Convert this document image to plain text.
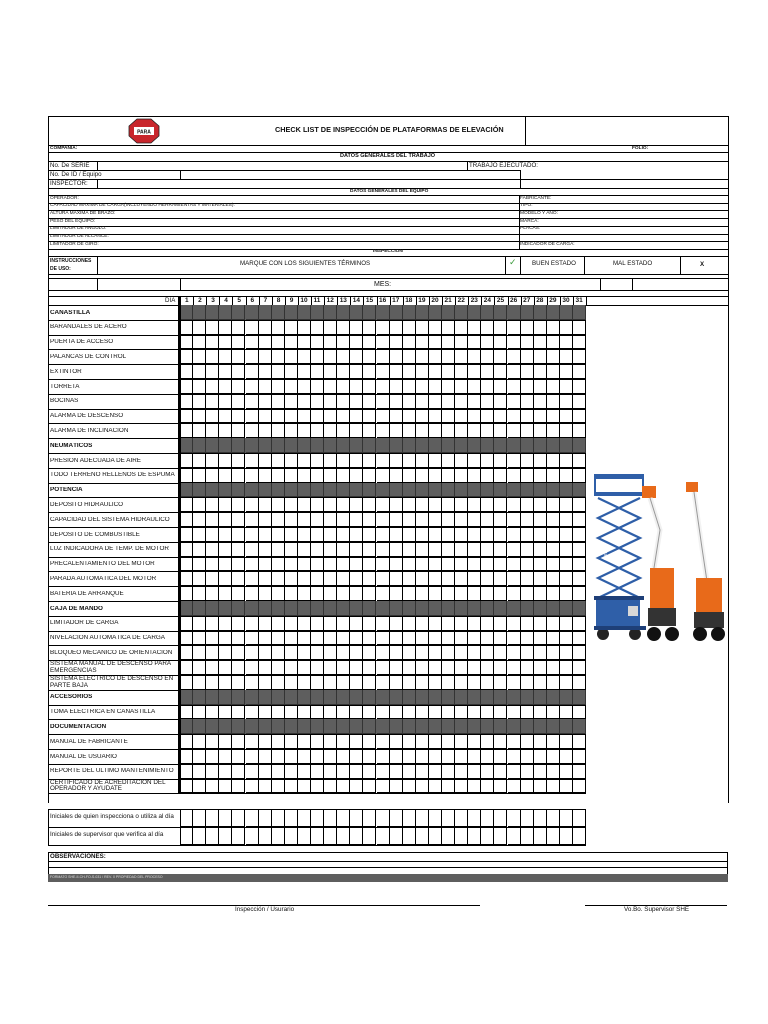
PARA	CHECK LIST DE INSPECCIÓN DE PLATAFORMAS DE ELEVACIÓN
COMPANIA:	FOLIO:
DATOS GENERALES DEL TRABAJO
No. De SERIE	TRABAJO EJECUTADO:
No. De ID / Equipo
INSPECTOR:
DATOS GENERALES DEL EQUIPO
OPERADOR:	FABRICANTE:
CAPACIDAD MAXIMA DE CARGA(INCLUYENDO HERRAMIENTAS Y MATERIALES):	TIPO:
ALTURA MAXIMA DE BRAZO:	MODELO Y AÑO:
PESO DEL EQUIPO:	MARCA:
LIMITADOR DE ANGULO:	PLACAS:
LIMITADOR DE ALCANCE:
LIMITADOR DE GIRO:	INDICADOR DE CARGA:
INSPECCION
INSTRUCCIONES DE USO:
MARQUE CON LOS SIGUIENTES TÉRMINOS	✓ BUEN ESTADO	MAL ESTADO	X
MES:
DIA 1 2 3 4 5 6 7 8 9 10 11 12 13 14 15 16 17 18 19 20 21 22 23 24 25 26 27 28 29 30 31
CANASTILLA
BARANDALES DE ACERO
PUERTA DE ACCESO
PALANCAS DE CONTROL
EXTINTOR
TORRETA
BOCINAS
ALARMA DE DESCENSO
ALARMA DE INCLINACIÓN
NEUMÁTICOS
PRESIÓN ADECUADA DE AIRE
TODO TERRENO RELLENOS DE ESPUMA
POTENCIA
DEPÓSITO HIDRÁULICO
CAPACIDAD DEL SISTEMA HIDRÁULICO
DEPÓSITO DE COMBUSTIBLE
LUZ INDICADORA DE TEMP. DE MOTOR
PRECALENTAMIENTO DEL MOTOR
PARADA AUTOMÁTICA DEL MOTOR
BATERÍA DE ARRANQUE
CAJA DE MANDO
LIMITADOR DE CARGA
NIVELACIÓN AUTOMÁTICA DE CARGA
BLOQUEO MECÁNICO DE ORIENTACIÓN
SISTEMA MANUAL DE DESCENSO PARA EMERGENCIAS
SISTEMA ELÉCTRICO DE DESCENSO EN PARTE BAJA
ACCESORIOS
TOMA ELÉCTRICA EN CANASTILLA
DOCUMENTACIÓN
MANUAL DE FABRICANTE
MANUAL DE USUARIO
REPORTE DEL ULTIMO MANTENIMIENTO
CERTIFICADO DE ACREDITACIÓN DEL OPERADOR Y AYUDATE
Genie
Iniciales de quien inspecciona o utiliza al día
Iniciales de supervisor que verifica al día
OBSERVACIONES:
FORMATO SHE-II-CH-FO-S-031 / REV. 0 PROPIEDAD DEL PROCESO
Inspección / Usurario	Vo.Bo. Supervisor SHE
